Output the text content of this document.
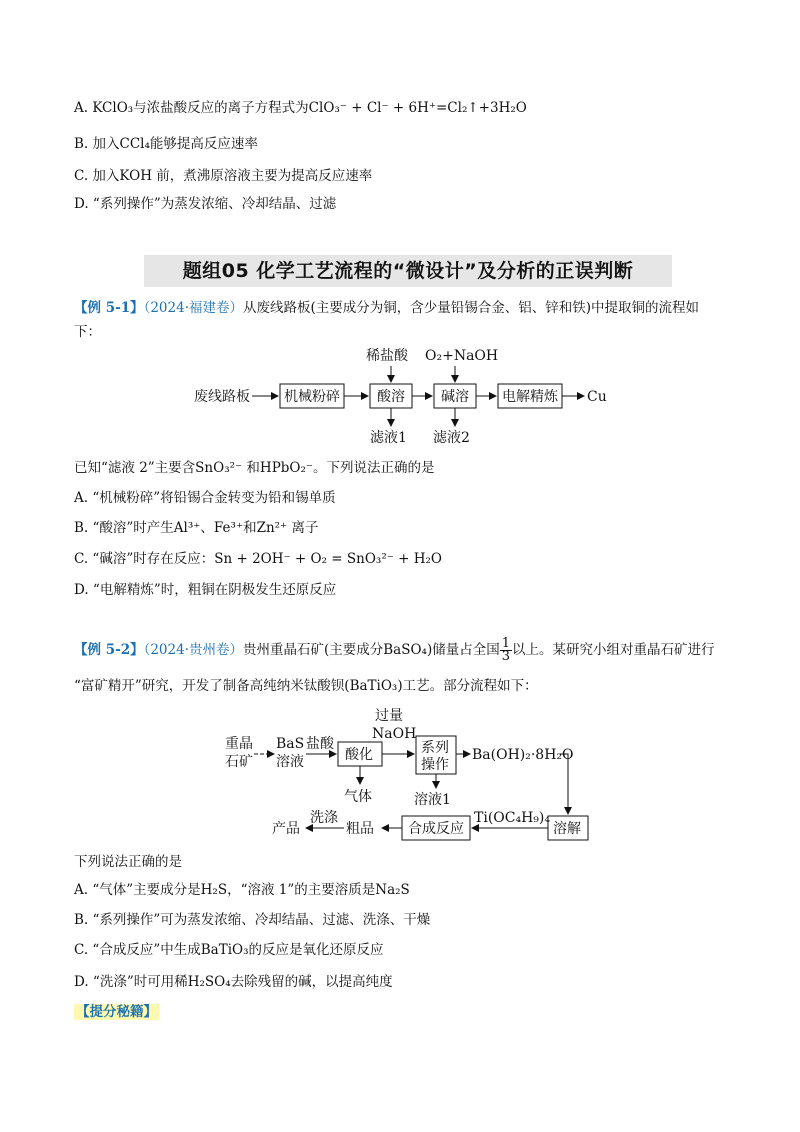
A. KClO₃与浓盐酸反应的离子方程式为ClO₃⁻ + Cl⁻ + 6H⁺=Cl₂↑+3H₂O
B. 加入CCl₄能够提高反应速率
C. 加入KOH 前，煮沸原溶液主要为提高反应速率
D. “系列操作”为蒸发浓缩、冷却结晶、过滤
题组05 化学工艺流程的“微设计”及分析的正误判断
【例 5-1】（2024·福建卷）从废线路板(主要成分为铜，含少量铅锡合金、铝、锌和铁)中提取铜的流程如
下：
废线路板 机械粉碎	酸溶	碱溶 电解精炼 Cu
稀盐酸 O₂+NaOH
滤液1 滤液2
已知“滤液 2”主要含SnO₃²⁻ 和HPbO₂⁻。下列说法正确的是
A. “机械粉碎”将铅锡合金转变为铅和锡单质
B. “酸溶”时产生Al³⁺、Fe³⁺和Zn²⁺ 离子
C. “碱溶”时存在反应：Sn + 2OH⁻ + O₂ = SnO₃²⁻ + H₂O
D. “电解精炼”时，粗铜在阴极发生还原反应
【例 5-2】（2024·贵州卷）贵州重晶石矿(主要成分BaSO₄)储量占全国 $\frac{1}{3}$ 以上。某研究小组对重晶石矿进行
“富矿精开”研究，开发了制备高纯纳米钛酸钡(BaTiO₃)工艺。部分流程如下：
重晶
石矿
BaS
溶液
盐酸
酸化
过量
NaOH
系列
操作
Ba(OH)₂·8H₂O
气体	溶液1
溶解
Ti(OC₄H₉)₄
合成反应
粗品
洗涤
产品
下列说法正确的是
A. “气体”主要成分是H₂S，“溶液 1”的主要溶质是Na₂S
B. “系列操作”可为蒸发浓缩、冷却结晶、过滤、洗涤、干燥
C. “合成反应”中生成BaTiO₃的反应是氧化还原反应
D. “洗涤”时可用稀H₂SO₄去除残留的碱，以提高纯度
【提分秘籍】
